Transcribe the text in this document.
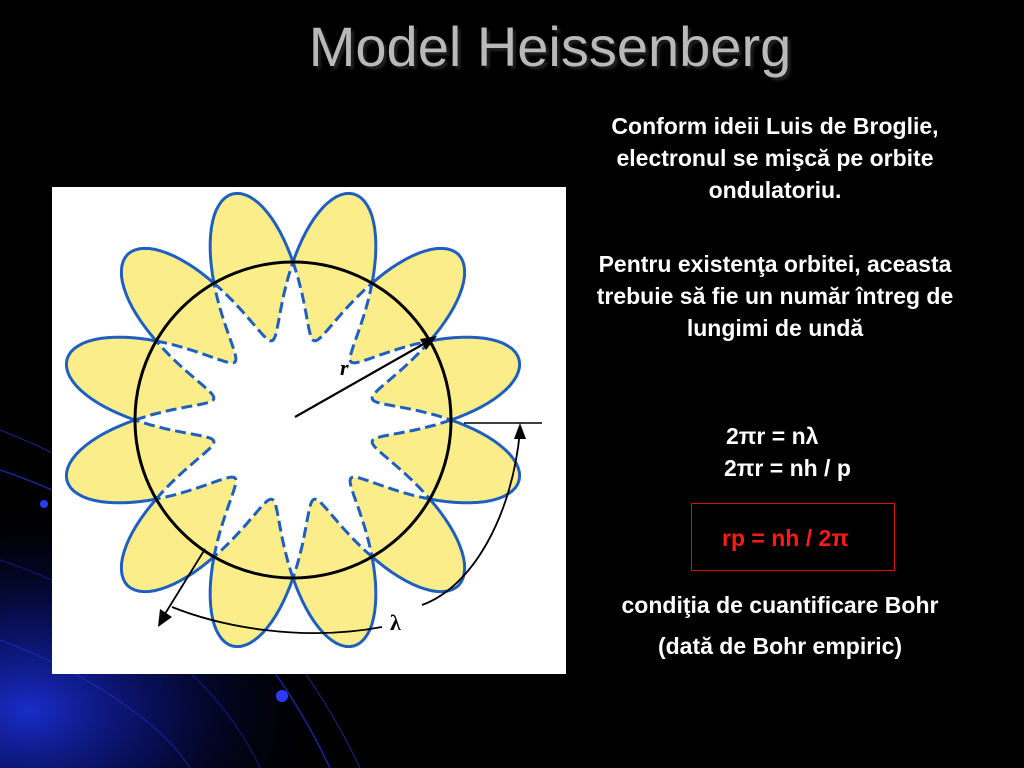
Model Heissenberg
r
λ
Conform ideii Luis de Broglie, electronul se mişcă pe orbite ondulatoriu.
Pentru existenţa orbitei, aceasta trebuie să fie un număr întreg de lungimi de undă
2πr = nλ
2πr = nh / p
rp = nh / 2π
condiţia de cuantificare Bohr
(dată de Bohr empiric)
